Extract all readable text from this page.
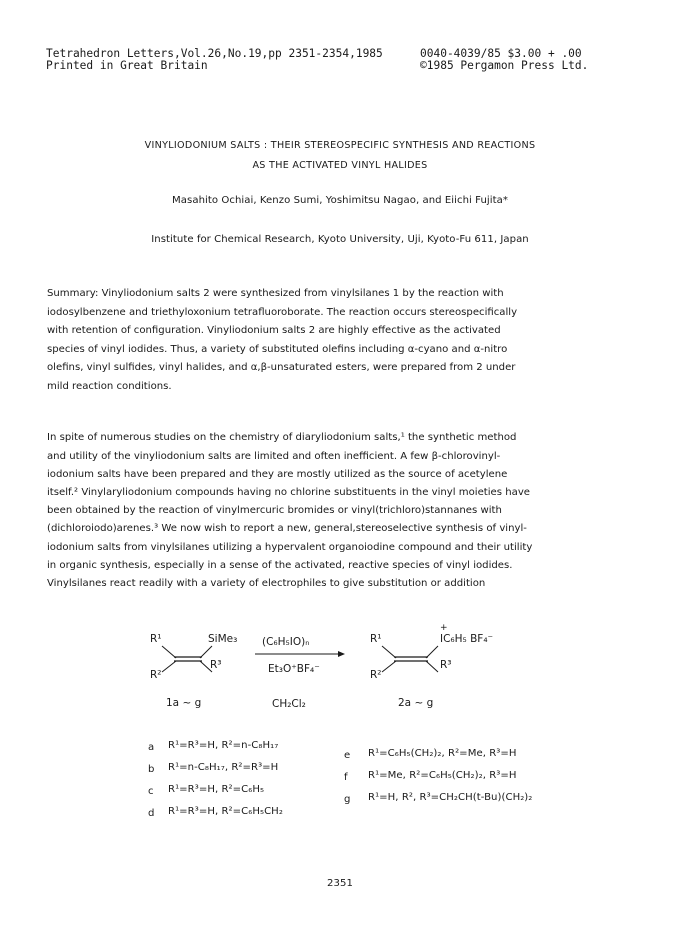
Tetrahedron Letters,Vol.26,No.19,pp 2351-2354,1985
Printed in Great Britain
0040-4039/85 $3.00 + .00
©1985 Pergamon Press Ltd.
VINYLIODONIUM SALTS : THEIR STEREOSPECIFIC SYNTHESIS AND REACTIONS
AS THE ACTIVATED VINYL HALIDES
Masahito Ochiai, Kenzo Sumi, Yoshimitsu Nagao, and Eiichi Fujita*
Institute for Chemical Research, Kyoto University, Uji, Kyoto-Fu 611, Japan
Summary: Vinyliodonium salts 2 were synthesized from vinylsilanes 1 by the reaction with
iodosylbenzene and triethyloxonium tetrafluoroborate. The reaction occurs stereospecifically
with retention of configuration. Vinyliodonium salts 2 are highly effective as the activated
species of vinyl iodides. Thus, a variety of substituted olefins including α-cyano and α-nitro
olefins, vinyl sulfides, vinyl halides, and α,β-unsaturated esters, were prepared from 2 under
mild reaction conditions.
In spite of numerous studies on the chemistry of diaryliodonium salts,¹ the synthetic method
and utility of the vinyliodonium salts are limited and often inefficient. A few β-chlorovinyl-
iodonium salts have been prepared and they are mostly utilized as the source of acetylene
itself.² Vinylaryliodonium compounds having no chlorine substituents in the vinyl moieties have
been obtained by the reaction of vinylmercuric bromides or vinyl(trichloro)stannanes with
(dichloroiodo)arenes.³ We now wish to report a new, general,stereoselective synthesis of vinyl-
iodonium salts from vinylsilanes utilizing a hypervalent organoiodine compound and their utility
in organic synthesis, especially in a sense of the activated, reactive species of vinyl iodides.
Vinylsilanes react readily with a variety of electrophiles to give substitution or addition
R¹	SiMe₃
R²
R³
(C₆H₅IO)ₙ
Et₃O⁺BF₄⁻
CH₂Cl₂
+
R¹	IC₆H₅ BF₄⁻
R²
R³
1a ~ g	2a ~ g
a R¹=R³=H, R²=n-C₈H₁₇
b R¹=n-C₈H₁₇, R²=R³=H
c R¹=R³=H, R²=C₆H₅
d R¹=R³=H, R²=C₆H₅CH₂
e R¹=C₆H₅(CH₂)₂, R²=Me, R³=H
f R¹=Me, R²=C₆H₅(CH₂)₂, R³=H
g R¹=H, R², R³=CH₂CH(t-Bu)(CH₂)₂
2351
